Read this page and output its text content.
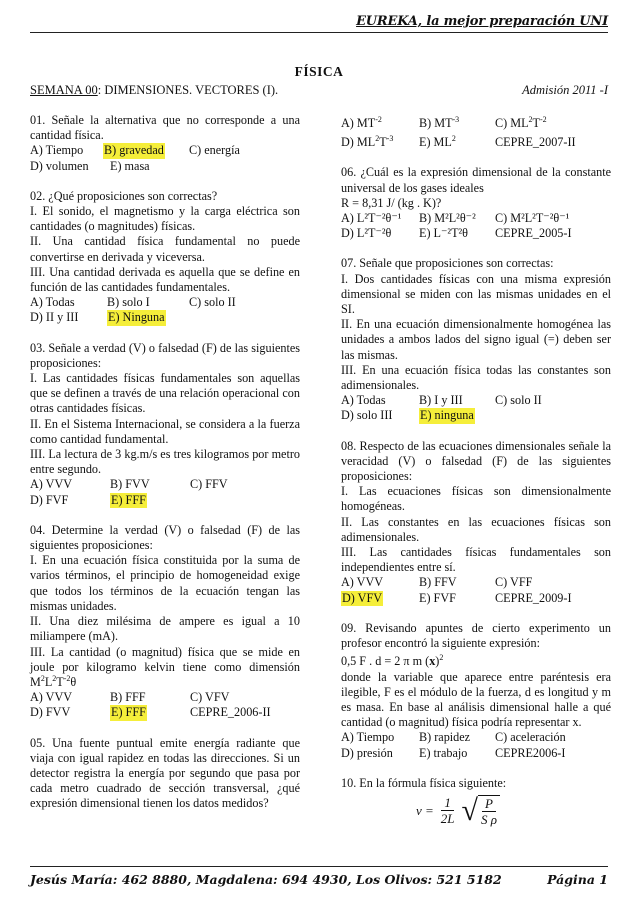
EUREKA, la mejor preparación UNI
FÍSICA
SEMANA 00: DIMENSIONES. VECTORES (I).	Admisión 2011 -I

01. Señale la alternativa que no corresponde a una cantidad física.

A) Tiempo	B) gravedad	C) energía
D) volumen	E) masa

02. ¿Qué proposiciones son correctas?

I. El sonido, el magnetismo y la carga eléctrica son cantidades (o magnitudes) físicas.

II. Una cantidad física fundamental no puede convertirse en derivada y viceversa.

III. Una cantidad derivada es aquella que se define en función de las cantidades fundamentales.

A) Todas	B) solo I	C) solo II
D) II y III	E) Ninguna

03. Señale a verdad (V) o falsedad (F) de las siguientes proposiciones:

I. Las cantidades físicas fundamentales son aquellas que se definen a través de una relación operacional con otras cantidades físicas.

II. En el Sistema Internacional, se considera a la fuerza como cantidad fundamental.

III. La lectura de 3 kg.m/s es tres kilogramos por metro entre segundo.

A) VVV	B) FVV	C) FFV
D) FVF	E) FFF

04. Determine la verdad (V) o falsedad (F) de las siguientes proposiciones:

I. En una ecuación física constituida por la suma de varios términos, el principio de homogeneidad exige que todos los términos de la ecuación tengan las mismas unidades.

II. Una diez milésima de ampere es igual a 10 miliampere (mA).

III. La cantidad (o magnitud) física que se mide en joule por kilogramo kelvin tiene como dimensión $M^2L^2T^{-2}\theta$

A) VVV	B) FFF	C) VFV
D) FVV	E) FFF	CEPRE_2006-II

05. Una fuente puntual emite energía radiante que viaja con igual rapidez en todas las direcciones. Si un detector registra la energía por segundo que pasa por cada metro cuadrado de sección transversal, ¿qué expresión dimensional tienen los datos medidos?

A) $MT^{-2}$	B) $MT^{-3}$	C) $ML^2T^{-2}$
D) $ML^2T^{-3}$	E) $ML^2$	CEPRE_2007-II

06. ¿Cuál es la expresión dimensional de la constante universal de los gases ideales

R = 8,31 J/ (kg . K)?

A) L²T⁻²θ⁻¹	B) M²L²θ⁻²	C) M²L²T⁻²θ⁻¹
D) L²T⁻²θ	E) L⁻²T²θ	CEPRE_2005-I

07. Señale que proposiciones son correctas:

I. Dos cantidades físicas con una misma expresión dimensional se miden con las mismas unidades en el SI.

II. En una ecuación dimensionalmente homogénea las unidades a ambos lados del signo igual (=) deben ser las mismas.

III. En una ecuación física todas las constantes son adimensionales.

A) Todas	B) I y III	C) solo II
D) solo III	E) ninguna

08. Respecto de las ecuaciones dimensionales señale la veracidad (V) o falsedad (F) de las siguientes proposiciones:

I. Las ecuaciones físicas son dimensionalmente homogéneas.

II. Las constantes en las ecuaciones físicas son adimensionales.

III. Las cantidades físicas fundamentales son independientes entre sí.

A) VVV	B) FFV	C) VFF
D) VFV	E) FVF	CEPRE_2009-I

09. Revisando apuntes de cierto experimento un profesor encontró la siguiente expresión:

0,5 F . d = 2 π m $(x)^2$

donde la variable que aparece entre paréntesis era ilegible, F es el módulo de la fuerza, d es longitud y m es masa. En base al análisis dimensional halle a qué cantidad (o magnitud) física podría representar x.

A) Tiempo	B) rapidez	C) aceleración
D) presión	E) trabajo	CEPRE2006-I

10. En la fórmula física siguiente:

$v = \frac{1}{2L}$ √ $\frac{P}{\text{S ρ}}$
Jesús María: 462 8880, Magdalena: 694 4930, Los Olivos: 521 5182	Página 1
